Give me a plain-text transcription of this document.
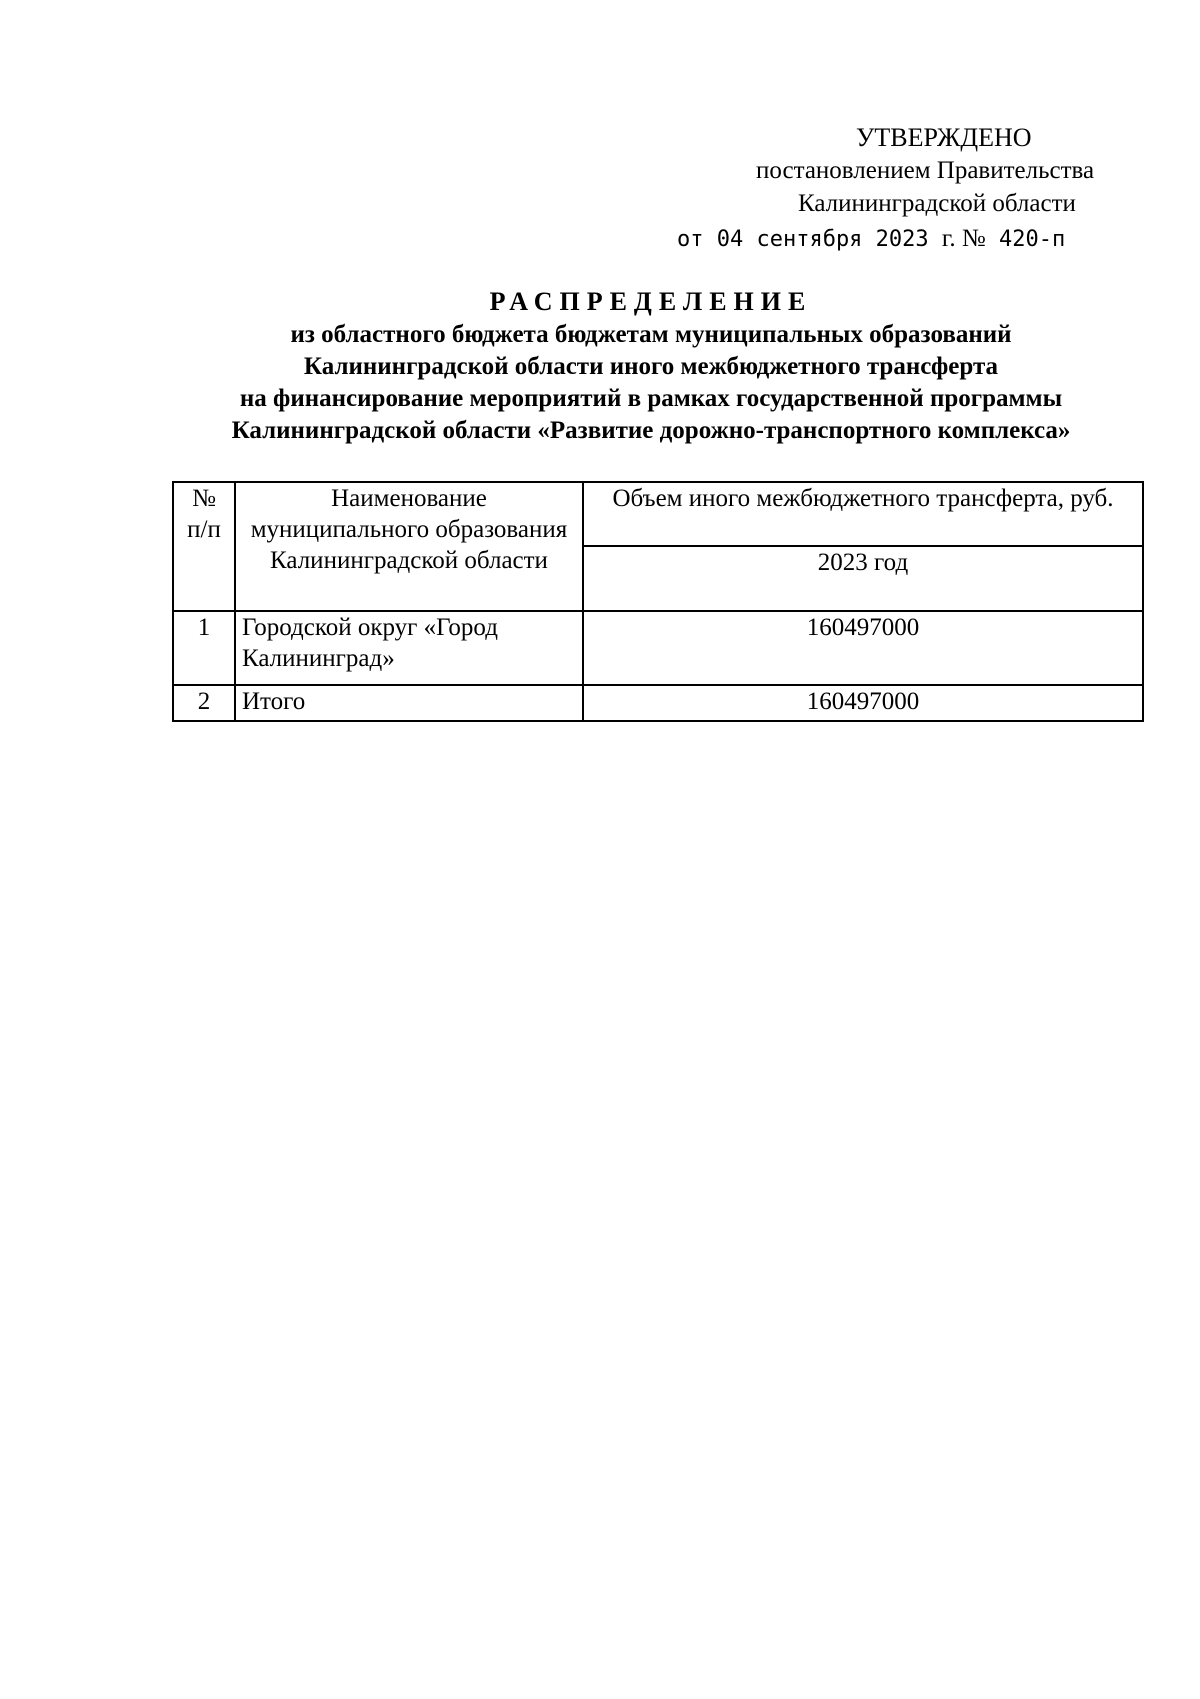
УТВЕРЖДЕНО
постановлением Правительства
Калининградской области
от 04 сентября 2023 г. № 420-п
РАСПРЕДЕЛЕНИЕ
из областного бюджета бюджетам муниципальных образований
Калининградской области иного межбюджетного трансферта
на финансирование мероприятий в рамках государственной программы
Калининградской области «Развитие дорожно-транспортного комплекса»
№ п/п	Наименование муниципального образования Калининградской области	Объем иного межбюджетного трансферта, руб.
		2023 год
1	Городской округ «Город Калининград»	160497000
2	Итого	160497000
